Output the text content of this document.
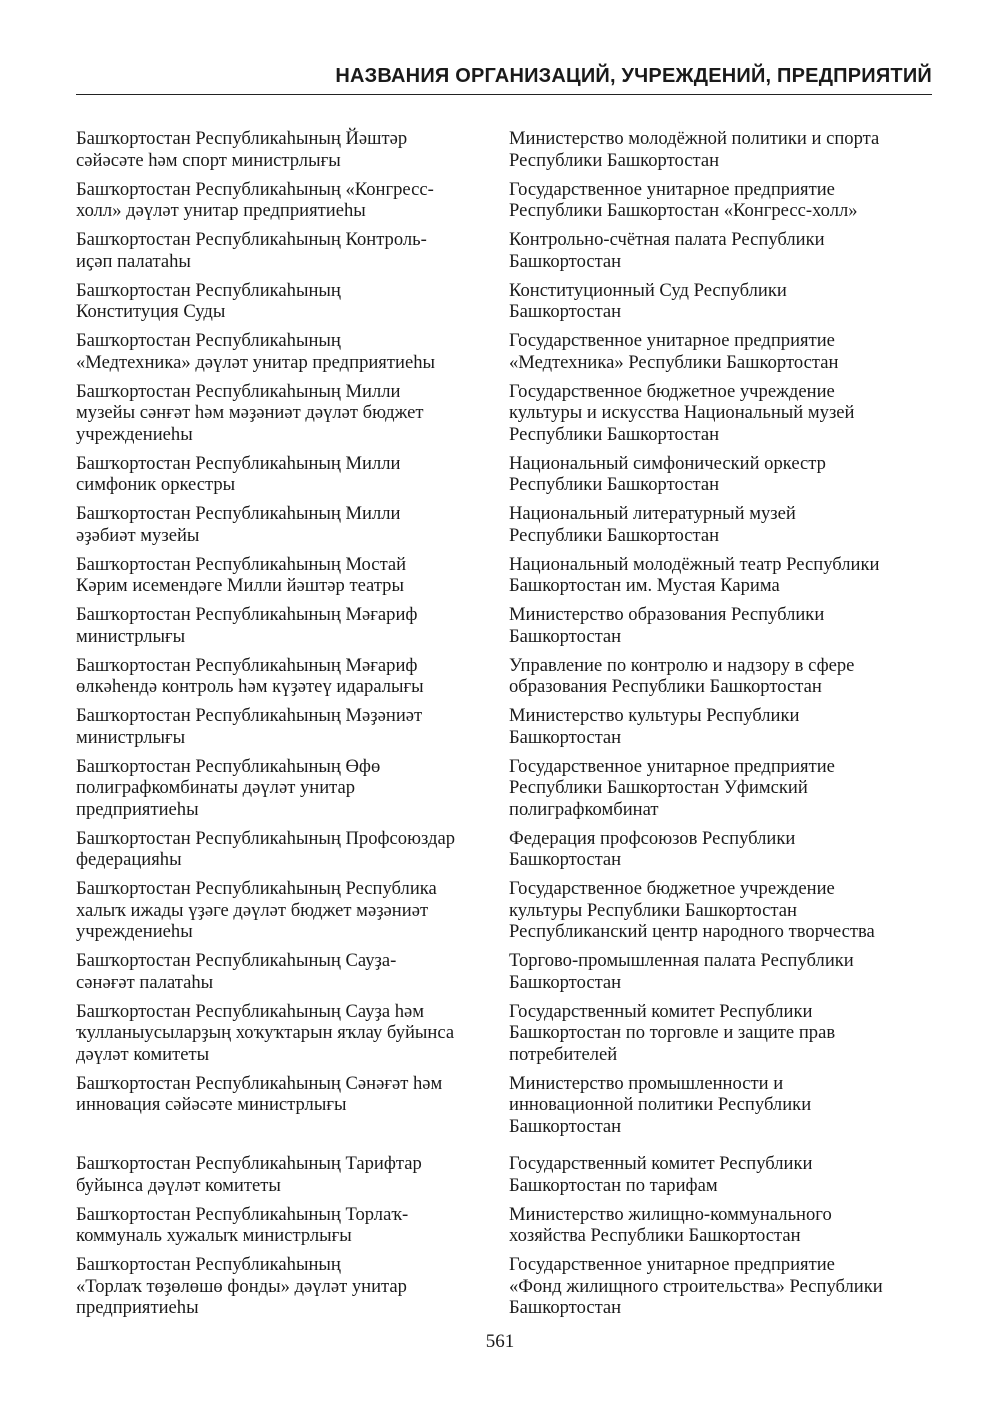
НАЗВАНИЯ ОРГАНИЗАЦИЙ, УЧРЕЖДЕНИЙ, ПРЕДПРИЯТИЙ
Башҡортостан Республикаһының Йәштәр
сәйәсәте һәм спорт министрлығы
Министерство молодёжной политики и спорта
Республики Башкортостан
Башҡортостан Республикаһының «Конгресс-
холл» дәүләт унитар предприятиеһы
Государственное унитарное предприятие
Республики Башкортостан «Конгресс-холл»
Башҡортостан Республикаһының Контроль-
иҫәп палатаһы
Контрольно-счётная палата Республики
Башкортостан
Башҡортостан Республикаһының
Конституция Суды
Конституционный Суд Республики
Башкортостан
Башҡортостан Республикаһының
«Медтехника» дәүләт унитар предприятиеһы
Государственное унитарное предприятие
«Медтехника» Республики Башкортостан
Башҡортостан Республикаһының Милли
музейы сәнғәт һәм мәҙәниәт дәүләт бюджет
учреждениеһы
Государственное бюджетное учреждение
культуры и искусства Национальный музей
Республики Башкортостан
Башҡортостан Республикаһының Милли
симфоник оркестры
Национальный симфонический оркестр
Республики Башкортостан
Башҡортостан Республикаһының Милли
әҙәбиәт музейы
Национальный литературный музей
Республики Башкортостан
Башҡортостан Республикаһының Мостай
Кәрим исемендәге Милли йәштәр театры
Национальный молодёжный театр Республики
Башкортостан им. Мустая Карима
Башҡортостан Республикаһының Мәғариф
министрлығы
Министерство образования Республики
Башкортостан
Башҡортостан Республикаһының Мәғариф
өлкәһендә контроль һәм күҙәтеү идаралығы
Управление по контролю и надзору в сфере
образования Республики Башкортостан
Башҡортостан Республикаһының Мәҙәниәт
министрлығы
Министерство культуры Республики
Башкортостан
Башҡортостан Республикаһының Өфө
полиграфкомбинаты дәүләт унитар
предприятиеһы
Государственное унитарное предприятие
Республики Башкортостан Уфимский
полиграфкомбинат
Башҡортостан Республикаһының Профсоюздар
федерацияһы
Федерация профсоюзов Республики
Башкортостан
Башҡортостан Республикаһының Республика
халыҡ ижады үҙәге дәүләт бюджет мәҙәниәт
учреждениеһы
Государственное бюджетное учреждение
культуры Республики Башкортостан
Республиканский центр народного творчества
Башҡортостан Республикаһының Сауҙа-
сәнәғәт палатаһы
Торгово-промышленная палата Республики
Башкортостан
Башҡортостан Республикаһының Сауҙа һәм
ҡулланыусыларҙың хоҡуҡтарын яҡлау буйынса
дәүләт комитеты
Государственный комитет Республики
Башкортостан по торговле и защите прав
потребителей
Башҡортостан Республикаһының Сәнәғәт һәм
инновация сәйәсәте министрлығы
Министерство промышленности и
инновационной политики Республики
Башкортостан
Башҡортостан Республикаһының Тарифтар
буйынса дәүләт комитеты
Государственный комитет Республики
Башкортостан по тарифам
Башҡортостан Республикаһының Торлаҡ-
коммуналь хужалыҡ министрлығы
Министерство жилищно-коммунального
хозяйства Республики Башкортостан
Башҡортостан Республикаһының
«Торлаҡ төҙөлөшө фонды» дәүләт унитар
предприятиеһы
Государственное унитарное предприятие
«Фонд жилищного строительства» Республики
Башкортостан
561
